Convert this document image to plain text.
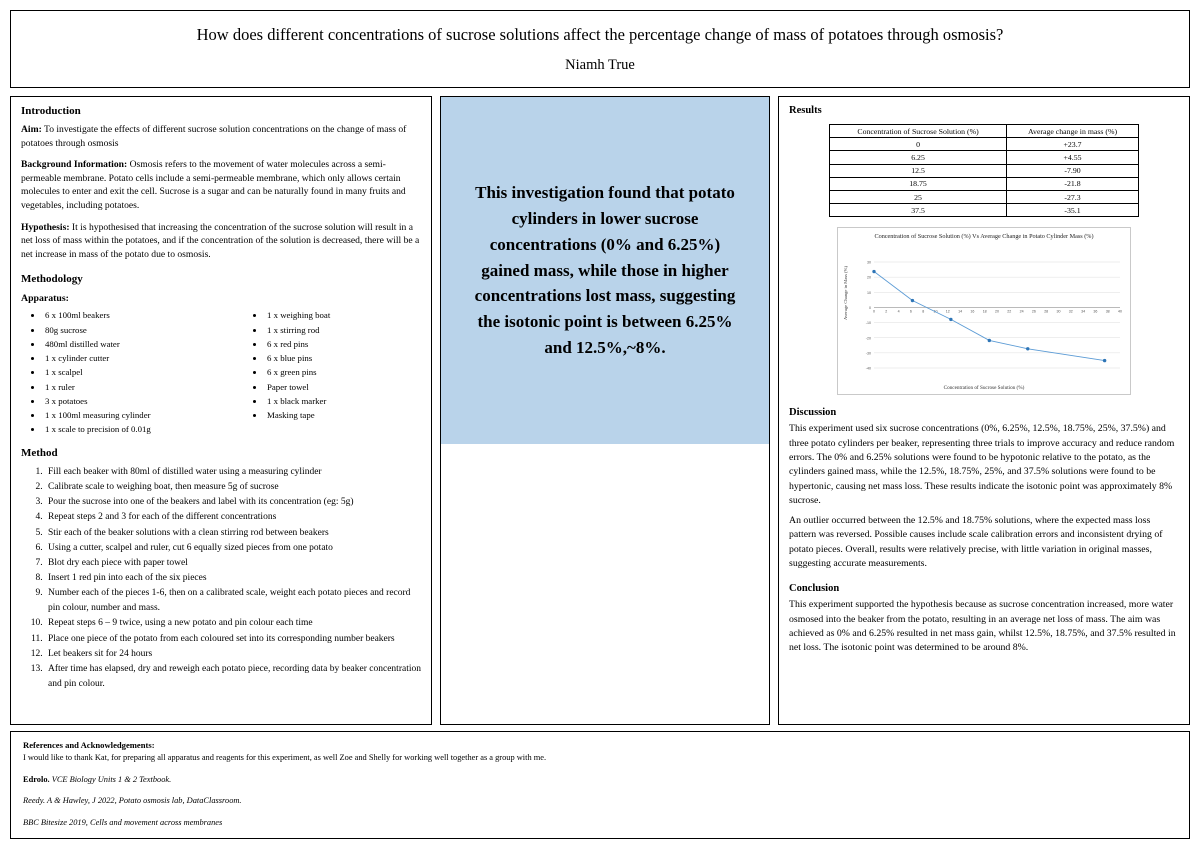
How does different concentrations of sucrose solutions affect the percentage change of mass of potatoes through osmosis?
Niamh True
Introduction

Aim: To investigate the effects of different sucrose solution concentrations on the change of mass of potatoes through osmosis

Background Information: Osmosis refers to the movement of water molecules across a semi-permeable membrane. Potato cells include a semi-permeable membrane, which only allows certain molecules to enter and exit the cell. Sucrose is a sugar and can be naturally found in many fruits and vegetables, including potatoes.

Hypothesis: It is hypothesised that increasing the concentration of the sucrose solution will result in a net loss of mass within the potatoes, and if the concentration of the solution is decreased, there will be a net increase in mass of the potato due to osmosis.

Methodology
Apparatus:
• 6 x 100ml beakers
• 80g sucrose
• 480ml distilled water
• 1 x cylinder cutter
• 1 x scalpel
• 1 x ruler
• 3 x potatoes
• 1 x 100ml measuring cylinder
• 1 x scale to precision of 0.01g
• 1 x weighing boat
• 1 x stirring rod
• 6 x red pins
• 6 x blue pins
• 6 x green pins
• Paper towel
• 1 x black marker
• Masking tape
Method
1. Fill each beaker with 80ml of distilled water using a measuring cylinder
2. Calibrate scale to weighing boat, then measure 5g of sucrose
3. Pour the sucrose into one of the beakers and label with its concentration (eg: 5g)
4. Repeat steps 2 and 3 for each of the different concentrations
5. Stir each of the beaker solutions with a clean stirring rod between beakers
6. Using a cutter, scalpel and ruler, cut 6 equally sized pieces from one potato
7. Blot dry each piece with paper towel
8. Insert 1 red pin into each of the six pieces
9. Number each of the pieces 1-6, then on a calibrated scale, weight each potato pieces and record pin colour, number and mass.
10. Repeat steps 6 – 9 twice, using a new potato and pin colour each time
11. Place one piece of the potato from each coloured set into its corresponding number beakers
12. Let beakers sit for 24 hours
13. After time has elapsed, dry and reweigh each potato piece, recording data by beaker concentration and pin colour.
This investigation found that potato cylinders in lower sucrose concentrations (0% and 6.25%) gained mass, while those in higher concentrations lost mass, suggesting the isotonic point is between 6.25% and 12.5%,~8%.
Results
Concentration of Sucrose Solution (%)	Average change in mass (%)
0	+23.7
6.25	+4.55
12.5	-7.90
18.75	-21.8
25	-27.3
37.5	-35.1
Concentration of Sucrose Solution (%) Vs Average Change in Potato Cylinder Mass (%)
Average Change in Mass (%)
Concentration of Sucrose Solution (%)
30
20
10
0
-10
-20
-30
-40
0	2	4	6	8	10 12 14 16 18 20 22 24 26 28 30 32 34 36 38 40
Discussion

This experiment used six sucrose concentrations (0%, 6.25%, 12.5%, 18.75%, 25%, 37.5%) and three potato cylinders per beaker, representing three trials to improve accuracy and reduce random errors. The 0% and 6.25% solutions were found to be hypotonic relative to the potato, as the cylinders gained mass, while the 12.5%, 18.75%, 25%, and 37.5% solutions were found to be hypertonic, causing net mass loss. These results indicate the isotonic point was approximately 8% sucrose.

An outlier occurred between the 12.5% and 18.75% solutions, where the expected mass loss pattern was reversed. Possible causes include scale calibration errors and inconsistent drying of potato pieces. Overall, results were relatively precise, with little variation in original masses, suggesting accurate measurements.

Conclusion

This experiment supported the hypothesis because as sucrose concentration increased, more water osmosed into the beaker from the potato, resulting in an average net loss of mass. The aim was achieved as 0% and 6.25% resulted in net mass gain, whilst 12.5%, 18.75%, and 37.5% resulted in net loss. The isotonic point was determined to be around 8%.

References and Acknowledgements:

I would like to thank Kat, for preparing all apparatus and reagents for this experiment, as well Zoe and Shelly for working well together as a group with me.

Edrolo. VCE Biology Units 1 & 2 Textbook.

Reedy. A & Hawley, J 2022, Potato osmosis lab, DataClassroom.

BBC Bitesize 2019, Cells and movement across membranes
